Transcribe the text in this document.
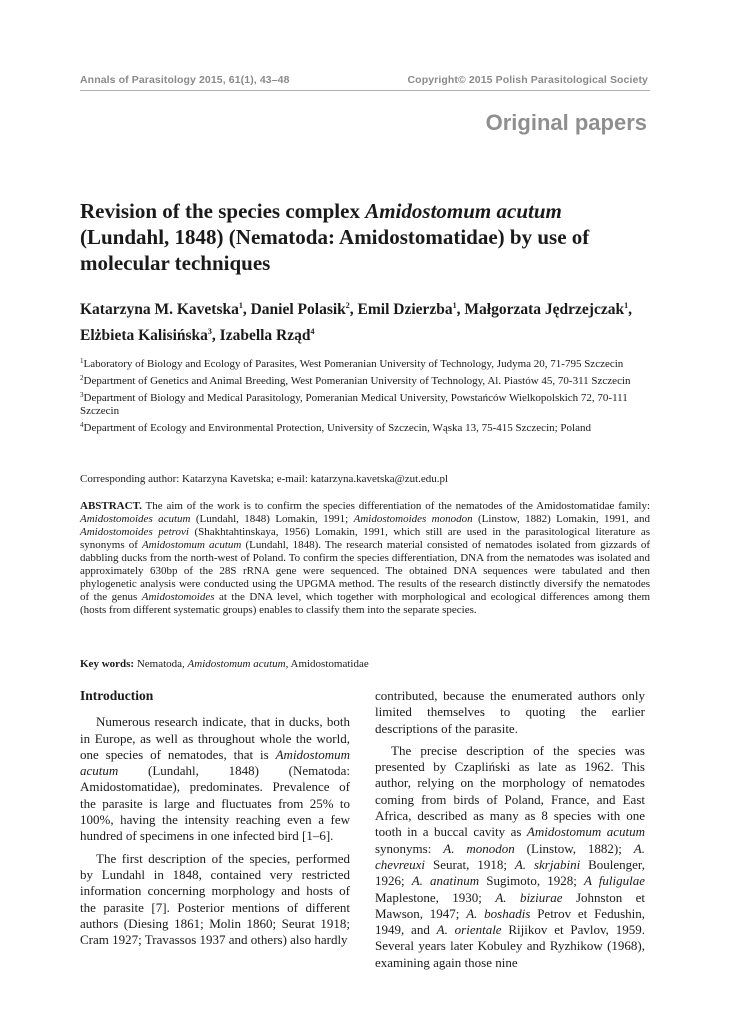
Annals of Parasitology 2015, 61(1), 43–48	Copyright© 2015 Polish Parasitological Society
Original papers
Revision of the species complex Amidostomum acutum (Lundahl, 1848) (Nematoda: Amidostomatidae) by use of molecular techniques
Katarzyna M. Kavetska$^1$, Daniel Polasik$^2$, Emil Dzierzba$^1$, Małgorzata Jędrzejczak$^1$, Elżbieta Kalisińska$^3$, Izabella Rząd$^4$
$^1$Laboratory of Biology and Ecology of Parasites, West Pomeranian University of Technology, Judyma 20, 71-795 Szczecin
$^2$Department of Genetics and Animal Breeding, West Pomeranian University of Technology, Al. Piastów 45, 70-311 Szczecin
$^3$Department of Biology and Medical Parasitology, Pomeranian Medical University, Powstańców Wielkopolskich 72, 70-111 Szczecin
$^4$Department of Ecology and Environmental Protection, University of Szczecin, Wąska 13, 75-415 Szczecin; Poland
Corresponding author: Katarzyna Kavetska; e-mail: katarzyna.kavetska@zut.edu.pl
ABSTRACT. The aim of the work is to confirm the species differentiation of the nematodes of the Amidostomatidae family: Amidostomoides acutum (Lundahl, 1848) Lomakin, 1991; Amidostomoides monodon (Linstow, 1882) Lomakin, 1991, and Amidostomoides petrovi (Shakhtahtinskaya, 1956) Lomakin, 1991, which still are used in the parasitological literature as synonyms of Amidostomum acutum (Lundahl, 1848). The research material consisted of nematodes isolated from gizzards of dabbling ducks from the north-west of Poland. To confirm the species differentiation, DNA from the nematodes was isolated and approximately 630bp of the 28S rRNA gene were sequenced. The obtained DNA sequences were tabulated and then phylogenetic analysis were conducted using the UPGMA method. The results of the research distinctly diversify the nematodes of the genus Amidostomoides at the DNA level, which together with morphological and ecological differences among them (hosts from different systematic groups) enables to classify them into the separate species.
Key words: Nematoda, Amidostomum acutum, Amidostomatidae
Introduction

Numerous research indicate, that in ducks, both in Europe, as well as throughout whole the world, one species of nematodes, that is Amidostomum acutum (Lundahl, 1848) (Nematoda: Amidostomatidae), predominates. Prevalence of the parasite is large and fluctuates from 25% to 100%, having the intensity reaching even a few hundred of specimens in one infected bird [1–6].

The first description of the species, performed by Lundahl in 1848, contained very restricted information concerning morphology and hosts of the parasite [7]. Posterior mentions of different authors (Diesing 1861; Molin 1860; Seurat 1918; Cram 1927; Travassos 1937 and others) also hardly

contributed, because the enumerated authors only limited themselves to quoting the earlier descriptions of the parasite.

The precise description of the species was presented by Czapliński as late as 1962. This author, relying on the morphology of nematodes coming from birds of Poland, France, and East Africa, described as many as 8 species with one tooth in a buccal cavity as Amidostomum acutum synonyms: A. monodon (Linstow, 1882); A. chevreuxi Seurat, 1918; A. skrjabini Boulenger, 1926; A. anatinum Sugimoto, 1928; A fuligulae Maplestone, 1930; A. biziurae Johnston et Mawson, 1947; A. boshadis Petrov et Fedushin, 1949, and A. orientale Rijikov et Pavlov, 1959. Several years later Kobuley and Ryzhikow (1968), examining again those nine
